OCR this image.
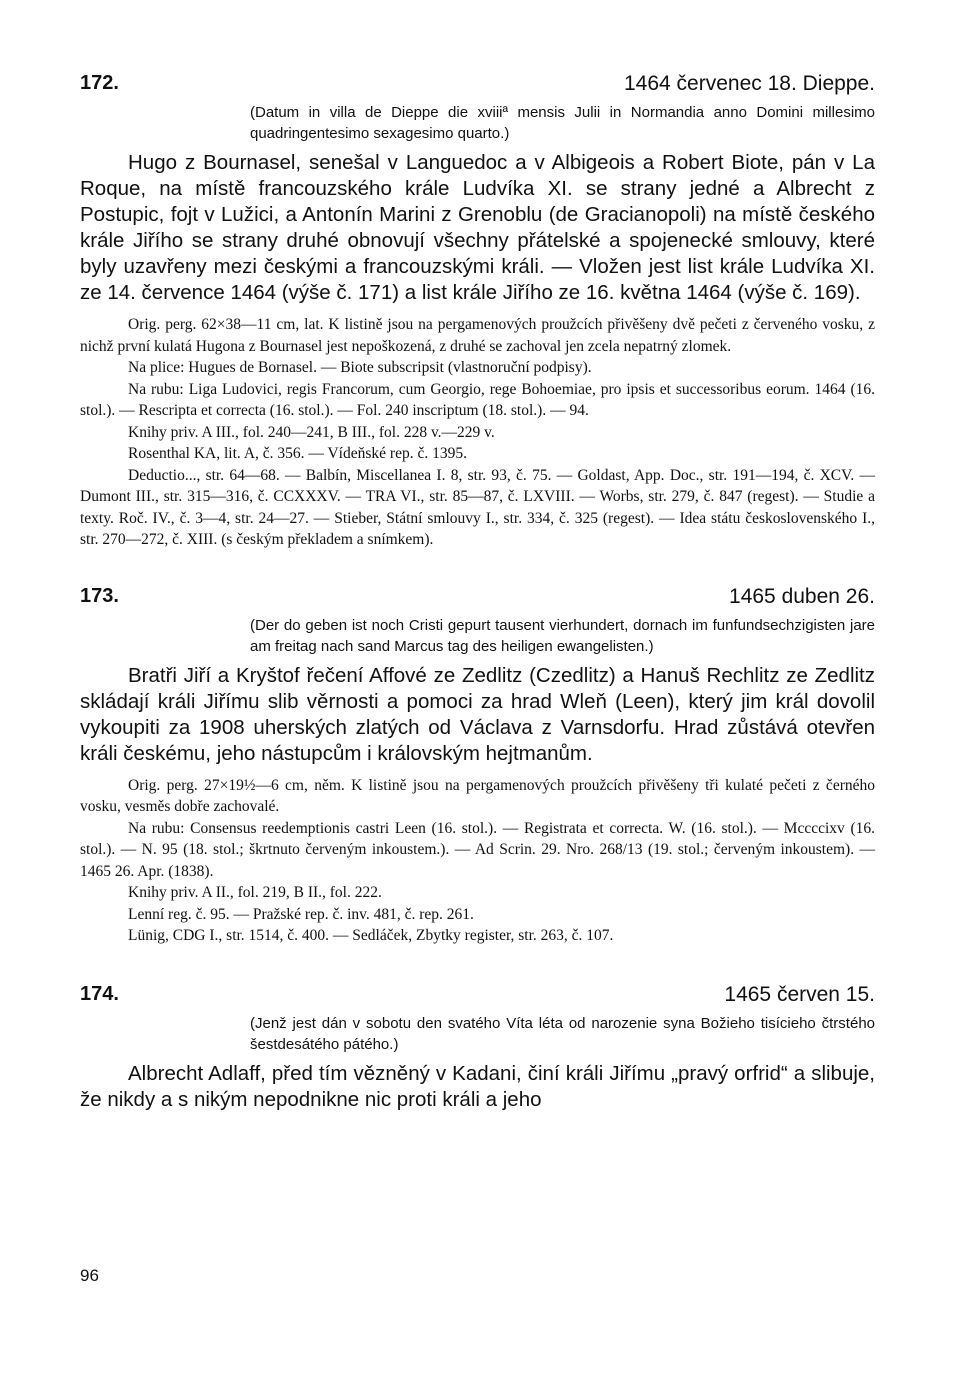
172.	1464 červenec 18. Dieppe.

(Datum in villa de Dieppe die xviiiª mensis Julii in Normandia anno Domini millesimo quadringentesimo sexagesimo quarto.)

Hugo z Bournasel, senešal v Languedoc a v Albigeois a Robert Biote, pán v La Roque, na místě francouzského krále Ludvíka XI. se strany jedné a Albrecht z Postupic, fojt v Lužici, a Antonín Marini z Grenoblu (de Gracianopoli) na místě českého krále Jiřího se strany druhé obnovují všechny přátelské a spojenecké smlouvy, které byly uzavřeny mezi českými a francouzskými králi. — Vložen jest list krále Ludvíka XI. ze 14. července 1464 (výše č. 171) a list krále Jiřího ze 16. května 1464 (výše č. 169).

Orig. perg. 62×38—11 cm, lat. K listině jsou na pergamenových proužcích přivěšeny dvě pečeti z červeného vosku, z nichž první kulatá Hugona z Bournasel jest nepoškozená, z druhé se zachoval jen zcela nepatrný zlomek.

Na plice: Hugues de Bornasel. — Biote subscripsit (vlastnoruční podpisy).

Na rubu: Liga Ludovici, regis Francorum, cum Georgio, rege Bohoemiae, pro ipsis et successoribus eorum. 1464 (16. stol.). — Rescripta et correcta (16. stol.). — Fol. 240 inscriptum (18. stol.). — 94.

Knihy priv. A III., fol. 240—241, B III., fol. 228 v.—229 v.

Rosenthal KA, lit. A, č. 356. — Vídeňské rep. č. 1395.

Deductio..., str. 64—68. — Balbín, Miscellanea I. 8, str. 93, č. 75. — Goldast, App. Doc., str. 191—194, č. XCV. — Dumont III., str. 315—316, č. CCXXXV. — TRA VI., str. 85—87, č. LXVIII. — Worbs, str. 279, č. 847 (regest). — Studie a texty. Roč. IV., č. 3—4, str. 24—27. — Stieber, Státní smlouvy I., str. 334, č. 325 (regest). — Idea státu československého I., str. 270—272, č. XIII. (s českým překladem a snímkem).

173.	1465 duben 26.

(Der do geben ist noch Cristi gepurt tausent vierhundert, dornach im funfundsechzigisten jare am freitag nach sand Marcus tag des heiligen ewangelisten.)

Bratři Jiří a Kryštof řečení Affové ze Zedlitz (Czedlitz) a Hanuš Rechlitz ze Zedlitz skládají králi Jiřímu slib věrnosti a pomoci za hrad Wleň (Leen), který jim král dovolil vykoupiti za 1908 uherských zlatých od Václava z Varnsdorfu. Hrad zůstává otevřen králi českému, jeho nástupcům i královským hejtmanům.

Orig. perg. 27×19½—6 cm, něm. K listině jsou na pergamenových proužcích přivěšeny tři kulaté pečeti z černého vosku, vesměs dobře zachovalé.

Na rubu: Consensus reedemptionis castri Leen (16. stol.). — Registrata et correcta. W. (16. stol.). — Mccccixv (16. stol.). — N. 95 (18. stol.; škrtnuto červeným inkoustem.). — Ad Scrin. 29. Nro. 268/13 (19. stol.; červeným inkoustem). — 1465 26. Apr. (1838).

Knihy priv. A II., fol. 219, B II., fol. 222.

Lenní reg. č. 95. — Pražské rep. č. inv. 481, č. rep. 261.

Lünig, CDG I., str. 1514, č. 400. — Sedláček, Zbytky register, str. 263, č. 107.

174.	1465 červen 15.

(Jenž jest dán v sobotu den svatého Víta léta od narozenie syna Božieho tisícieho čtrstého šestdesátého pátého.)

Albrecht Adlaff, před tím vězněný v Kadani, činí králi Jiřímu „pravý orfrid“ a slibuje, že nikdy a s nikým nepodnikne nic proti králi a jeho

96
